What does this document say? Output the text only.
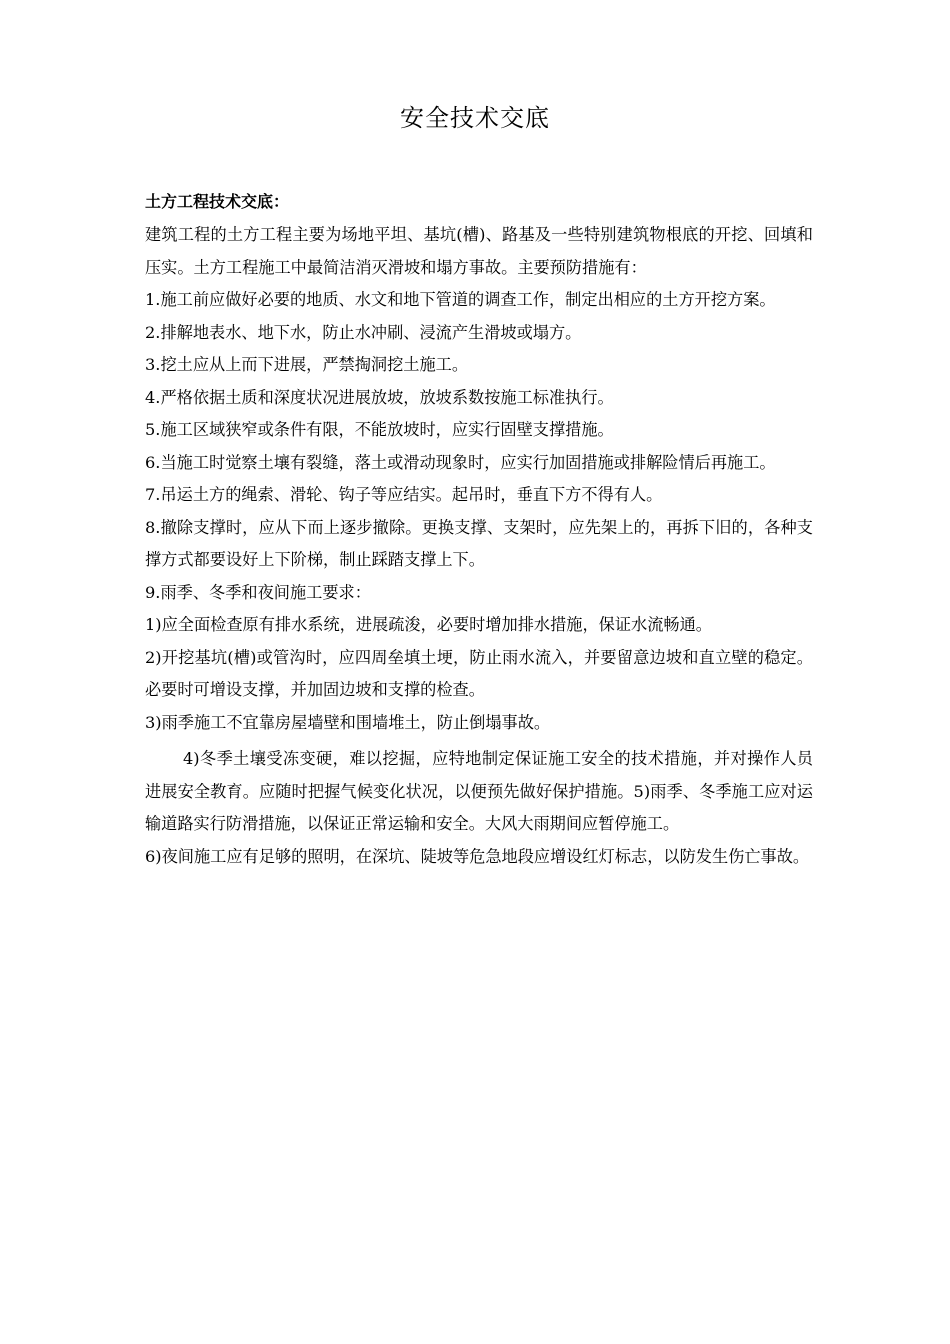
安全技术交底

土方工程技术交底：

建筑工程的土方工程主要为场地平坦、基坑(槽)、路基及一些特别建筑物根底的开挖、回填和压实。土方工程施工中最简洁消灭滑坡和塌方事故。主要预防措施有：

1.施工前应做好必要的地质、水文和地下管道的调查工作，制定出相应的土方开挖方案。

2.排解地表水、地下水，防止水冲刷、浸流产生滑坡或塌方。

3.挖土应从上而下进展，严禁掏洞挖土施工。

4.严格依据土质和深度状况进展放坡，放坡系数按施工标准执行。

5.施工区域狭窄或条件有限，不能放坡时，应实行固壁支撑措施。

6.当施工时觉察土壤有裂缝，落土或滑动现象时，应实行加固措施或排解险情后再施工。

7.吊运土方的绳索、滑轮、钩子等应结实。起吊时，垂直下方不得有人。

8.撤除支撑时，应从下而上逐步撤除。更换支撑、支架时，应先架上的，再拆下旧的，各种支撑方式都要设好上下阶梯，制止踩踏支撑上下。

9.雨季、冬季和夜间施工要求：

1)应全面检查原有排水系统，进展疏浚，必要时增加排水措施，保证水流畅通。

2)开挖基坑(槽)或管沟时，应四周垒填土埂，防止雨水流入，并要留意边坡和直立壁的稳定。必要时可增设支撑，并加固边坡和支撑的检查。

3)雨季施工不宜靠房屋墙壁和围墙堆土，防止倒塌事故。

4)冬季土壤受冻变硬，难以挖掘，应特地制定保证施工安全的技术措施，并对操作人员进展安全教育。应随时把握气候变化状况，以便预先做好保护措施。5)雨季、冬季施工应对运输道路实行防滑措施，以保证正常运输和安全。大风大雨期间应暂停施工。

6)夜间施工应有足够的照明，在深坑、陡坡等危急地段应增设红灯标志，以防发生伤亡事故。
